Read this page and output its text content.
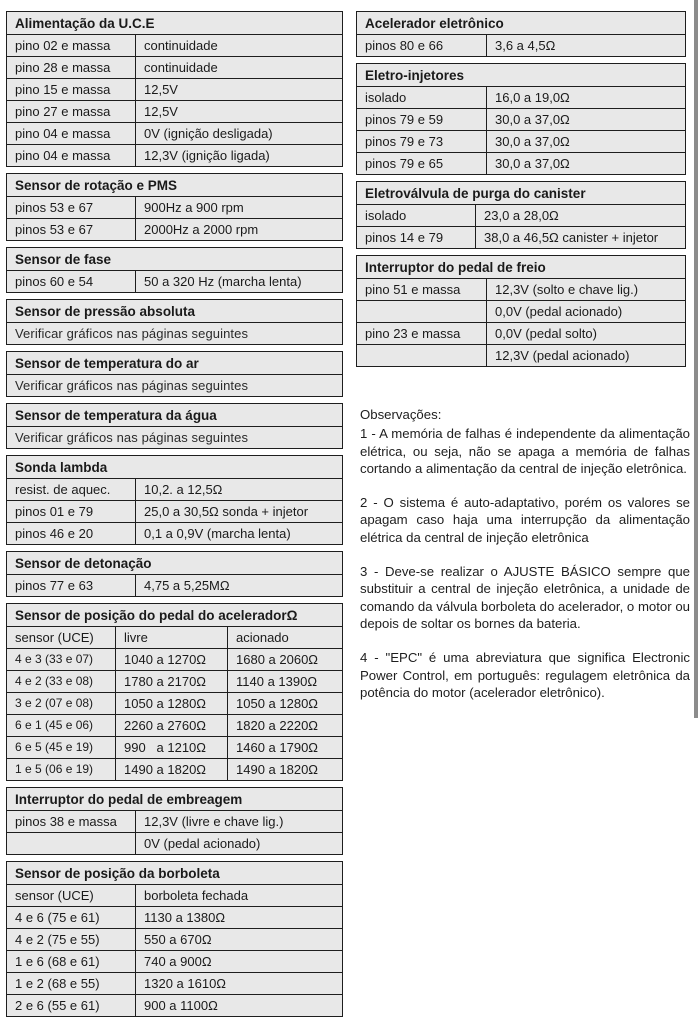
Alimentação da U.C.E	
pino 02 e massa	continuidade
pino 28 e massa	continuidade
pino 15 e massa	12,5V
pino 27 e massa	12,5V
pino 04 e massa	0V (ignição desligada)
pino 04 e massa	12,3V (ignição ligada)
Sensor de rotação e PMS	
pinos 53 e 67	900Hz a 900 rpm
pinos 53 e 67	2000Hz a 2000 rpm
Sensor de fase
pinos 60 e 54	50 a 320 Hz (marcha lenta)
Sensor de pressão absoluta
Verificar gráficos nas páginas seguintes
Sensor de temperatura do ar
Verificar gráficos nas páginas seguintes
Sensor de temperatura da água
Verificar gráficos nas páginas seguintes
Sonda lambda	
resist. de aquec.	10,2. a 12,5Ω
pinos 01 e 79	25,0 a 30,5Ω sonda + injetor
pinos 46 e 20	0,1 a 0,9V (marcha lenta)
Sensor de detonação
pinos 77 e 63	4,75 a 5,25MΩ
Sensor de posição do pedal do aceleradorΩ		
sensor (UCE)	livre	acionado
4 e 3 (33 e 07)	1040 a 1270Ω	1680 a 2060Ω
4 e 2 (33 e 08)	1780 a 2170Ω	1140 a 1390Ω
3 e 2 (07 e 08)	1050 a 1280Ω	1050 a 1280Ω
6 e 1 (45 e 06)	2260 a 2760Ω	1820 a 2220Ω
6 e 5 (45 e 19)	990   a 1210Ω	1460 a 1790Ω
1 e 5 (06 e 19)	1490 a 1820Ω	1490 a 1820Ω
Interruptor do pedal de embreagem	
pinos 38 e massa	12,3V (livre e chave lig.)
	0V (pedal acionado)
Sensor de posição da borboleta	
sensor (UCE)	borboleta fechada
4 e 6 (75 e 61)	1130 a 1380Ω
4 e 2 (75 e 55)	550 a 670Ω
1 e 6 (68 e 61)	740 a 900Ω
1 e 2 (68 e 55)	1320 a 1610Ω
2 e 6 (55 e 61)	900 a 1100Ω
Acelerador eletrônico
pinos 80 e 66	3,6 a 4,5Ω
Eletro-injetores	
isolado	16,0 a 19,0Ω
pinos 79 e 59	30,0 a 37,0Ω
pinos 79 e 73	30,0 a 37,0Ω
pinos 79 e 65	30,0 a 37,0Ω
Eletroválvula de purga do canister	
isolado	23,0 a 28,0Ω
pinos 14 e 79	38,0 a 46,5Ω canister + injetor
Interruptor do pedal de freio	
pino 51 e massa	12,3V (solto e chave lig.)
	0,0V (pedal acionado)
pino 23 e massa	0,0V (pedal solto)
	12,3V (pedal acionado)

Observações:

1 - A memória de falhas é independente da alimentação elétrica, ou seja, não se apaga a memória de falhas cortando a alimentação da central de injeção eletrônica.

2 - O sistema é auto-adaptativo, porém os valores se apagam caso haja uma interrupção da alimentação elétrica da central de injeção eletrônica

3 - Deve-se realizar o AJUSTE BÁSICO sempre que substituir a central de injeção eletrônica, a unidade de comando da válvula borboleta do acelerador, o motor ou depois de soltar os bornes da bateria.

4 - "EPC" é uma abreviatura que significa Electronic Power Control, em português: regulagem eletrônica da potência do motor (acelerador eletrônico).
